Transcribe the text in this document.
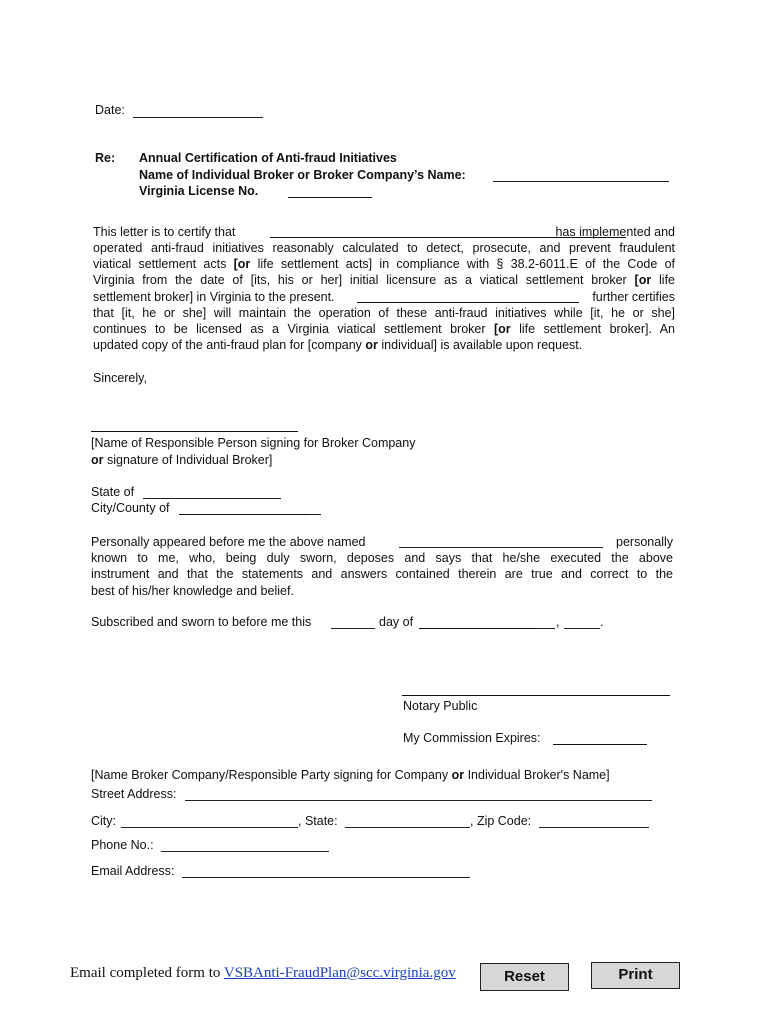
Date:
Re: Annual Certification of Anti-fraud Initiatives
Name of Individual Broker or Broker Company’s Name:
Virginia License No.
This letter is to certify that	has implemented and
operated anti-fraud initiatives reasonably calculated to detect, prosecute, and prevent fraudulent
viatical settlement acts [or life settlement acts] in compliance with § 38.2-6011.E of the Code of
Virginia from the date of [its, his or her] initial licensure as a viatical settlement broker [or life
settlement broker] in Virginia to the present.	further certifies
that [it, he or she] will maintain the operation of these anti-fraud initiatives while [it, he or she]
continues to be licensed as a Virginia viatical settlement broker [or life settlement broker]. An
updated copy of the anti-fraud plan for [company or individual] is available upon request.
Sincerely,
[Name of Responsible Person signing for Broker Company
or signature of Individual Broker]
State of
City/County of
Personally appeared before me the above named	personally
known to me, who, being duly sworn, deposes and says that he/she executed the above
instrument and that the statements and answers contained therein are true and correct to the
best of his/her knowledge and belief.
Subscribed and sworn to before me this	day of	,	.
Notary Public
My Commission Expires:
[Name Broker Company/Responsible Party signing for Company or Individual Broker's Name]
Street Address:
City:	, State:	, Zip Code:
Phone No.:
Email Address:
Email completed form to VSBAnti-FraudPlan@scc.virginia.gov	Reset	Print
